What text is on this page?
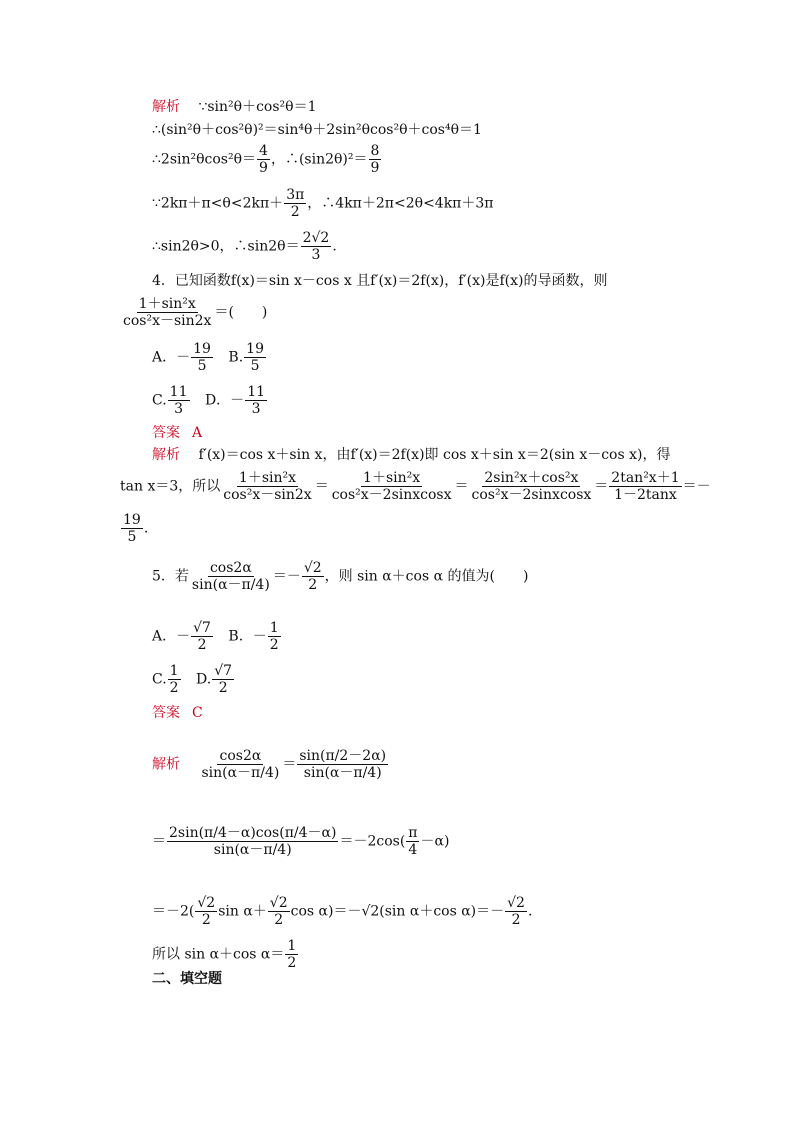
解析 ∵sin²θ＋cos²θ＝1
∴(sin²θ＋cos²θ)²＝sin⁴θ＋2sin²θcos²θ＋cos⁴θ＝1
∴2sin²θcos²θ＝ $\frac{4}{9}$ ，∴(sin2θ)²＝ $\frac{8}{9}$
∵2kπ＋π<θ<2kπ＋ $\frac{3\pi}{2}$ ，∴4kπ＋2π<2θ<4kπ＋3π
∴sin2θ>0，∴sin2θ＝ $\frac{2√2}{3}$ .
4．已知函数f(x)＝sin x－cos x 且f′(x)＝2f(x)，f′(x)是f(x)的导函数，则
$\frac{\text{1＋sin²x}}{\text{cos²x－sin2x}}$ ＝(　　)
A．－ $\frac{19}{5} B$. $\frac{19}{5}$
C. $\frac{11}{3}$ D．－ $\frac{11}{3}$
答案 A
解析 f′(x)＝cos x＋sin x，由f′(x)＝2f(x)即 cos x＋sin x＝2(sin x－cos x)，得
tan x＝3，所以 $\frac{\text{1＋sin²x}}{\text{cos²x－sin2x}} = \frac{\text{1＋sin²x}}{\text{cos²x－2sinxcosx}} = \frac{\text{2sin²x＋cos²x}}{\text{cos²x－2sinxcosx}} = \frac{\text{2tan²x＋1}}{1-2\tan x}$ ＝－
$\frac{19}{5}$ .
5．若 $\frac{\cos 2\alpha}{\sin(\alpha-\pi/4)} =- \frac{√2}{2}$ ，则 sin α＋cos α 的值为(　　)
A．－ $\frac{√7}{2}$ B．－ $\frac{1}{2}$
C. $\frac{1}{2} D$. $\frac{√7}{2}$
答案 C
解析 $\frac{\cos 2\alpha}{\sin(\alpha-\pi/4)} = \frac{\sin(\pi/2-2\alpha)}{\sin(\alpha-\pi/4)}$
＝ $\frac{2\sin(\pi/4-\alpha)\cos(\pi/4-\alpha)}{\sin(\alpha-\pi/4)} =-2\cos( \frac{\pi}{4} -\alpha)$
$=-2( \frac{√2}{2}$ $\sin \alpha+ \frac{√2}{2}$ cos α)＝－√2(sin α＋cos $\alpha)=- \frac{√2}{2}$ .
所以 sin α＋cos $\alpha= \frac{1}{2}$
二、填空题
